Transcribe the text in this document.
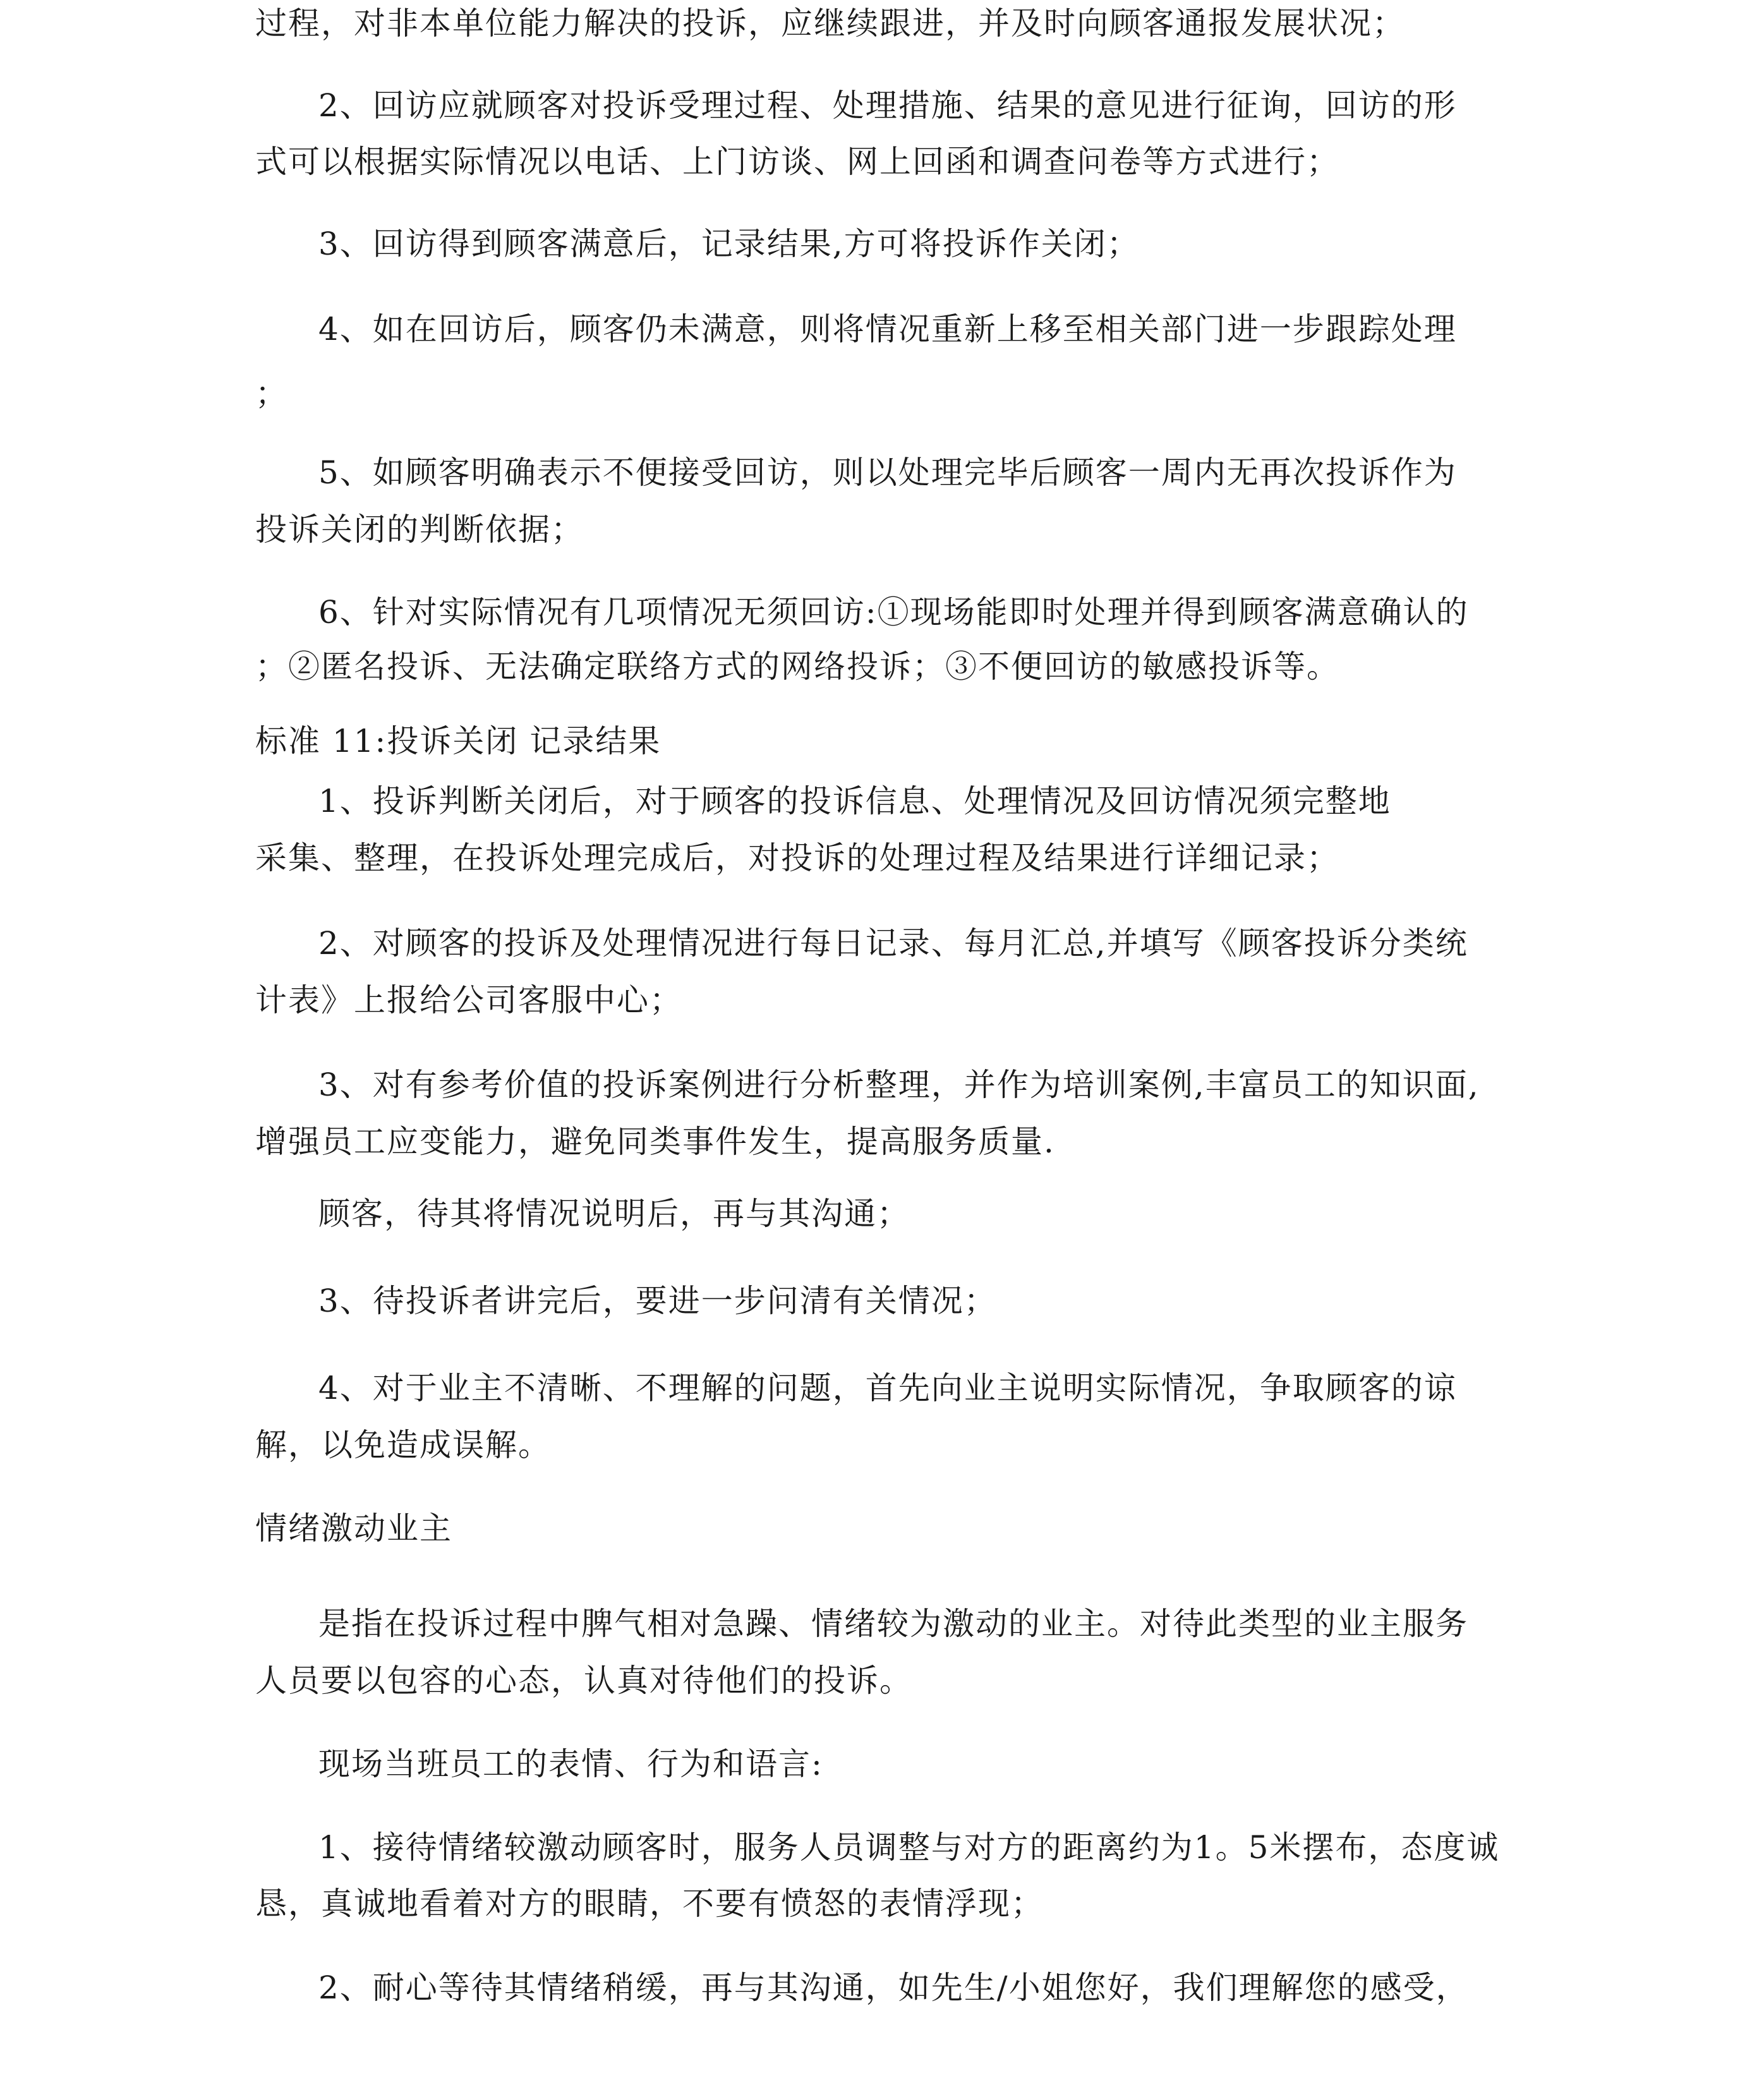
过程，对非本单位能力解决的投诉，应继续跟进，并及时向顾客通报发展状况；
2、回访应就顾客对投诉受理过程、处理措施、结果的意见进行征询，回访的形
式可以根据实际情况以电话、上门访谈、网上回函和调查问卷等方式进行；
3、回访得到顾客满意后，记录结果,方可将投诉作关闭；
4、如在回访后，顾客仍未满意，则将情况重新上移至相关部门进一步跟踪处理
；
5、如顾客明确表示不便接受回访，则以处理完毕后顾客一周内无再次投诉作为
投诉关闭的判断依据；
6、针对实际情况有几项情况无须回访:①现场能即时处理并得到顾客满意确认的
；②匿名投诉、无法确定联络方式的网络投诉；③不便回访的敏感投诉等。
标准 11:投诉关闭 记录结果
1、投诉判断关闭后，对于顾客的投诉信息、处理情况及回访情况须完整地
采集、整理，在投诉处理完成后，对投诉的处理过程及结果进行详细记录；
2、对顾客的投诉及处理情况进行每日记录、每月汇总,并填写《顾客投诉分类统
计表》上报给公司客服中心；
3、对有参考价值的投诉案例进行分析整理，并作为培训案例,丰富员工的知识面,
增强员工应变能力，避免同类事件发生，提高服务质量.
顾客，待其将情况说明后，再与其沟通；
3、待投诉者讲完后，要进一步问清有关情况；
4、对于业主不清晰、不理解的问题，首先向业主说明实际情况，争取顾客的谅
解，以免造成误解。
情绪激动业主
是指在投诉过程中脾气相对急躁、情绪较为激动的业主。对待此类型的业主服务
人员要以包容的心态，认真对待他们的投诉。
现场当班员工的表情、行为和语言:
1、接待情绪较激动顾客时，服务人员调整与对方的距离约为1。5米摆布，态度诚
恳，真诚地看着对方的眼睛，不要有愤怒的表情浮现；
2、耐心等待其情绪稍缓，再与其沟通，如先生/小姐您好，我们理解您的感受，
